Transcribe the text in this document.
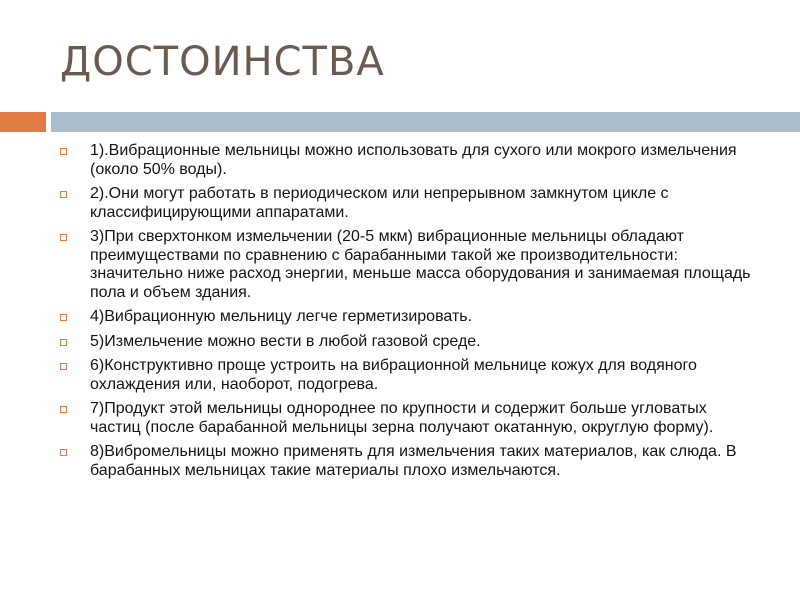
ДОСТОИНСТВА
1).Вибрационные мельницы можно использовать для сухого или мокрого измельчения (около 50% воды).
2).Они могут работать в периодическом или непрерывном замкнутом цикле с классифицирующими аппаратами.
3)При сверхтонком измельчении (20-5 мкм) вибрационные мельницы обладают преимуществами по сравнению с барабанными такой же производительности: значительно ниже расход энергии, меньше масса оборудования и занимаемая площадь пола и объем здания.
4)Вибрационную мельницу легче герметизировать.
5)Измельчение можно вести в любой газовой среде.
6)Конструктивно проще устроить на вибрационной мельнице кожух для водяного охлаждения или, наоборот, подогрева.
7)Продукт этой мельницы однороднее по крупности и содержит больше угловатых частиц (после барабанной мельницы зерна получают окатанную, округлую форму).
8)Вибромельницы можно применять для измельчения таких материалов, как слюда. В барабанных мельницах такие материалы плохо измельчаются.
